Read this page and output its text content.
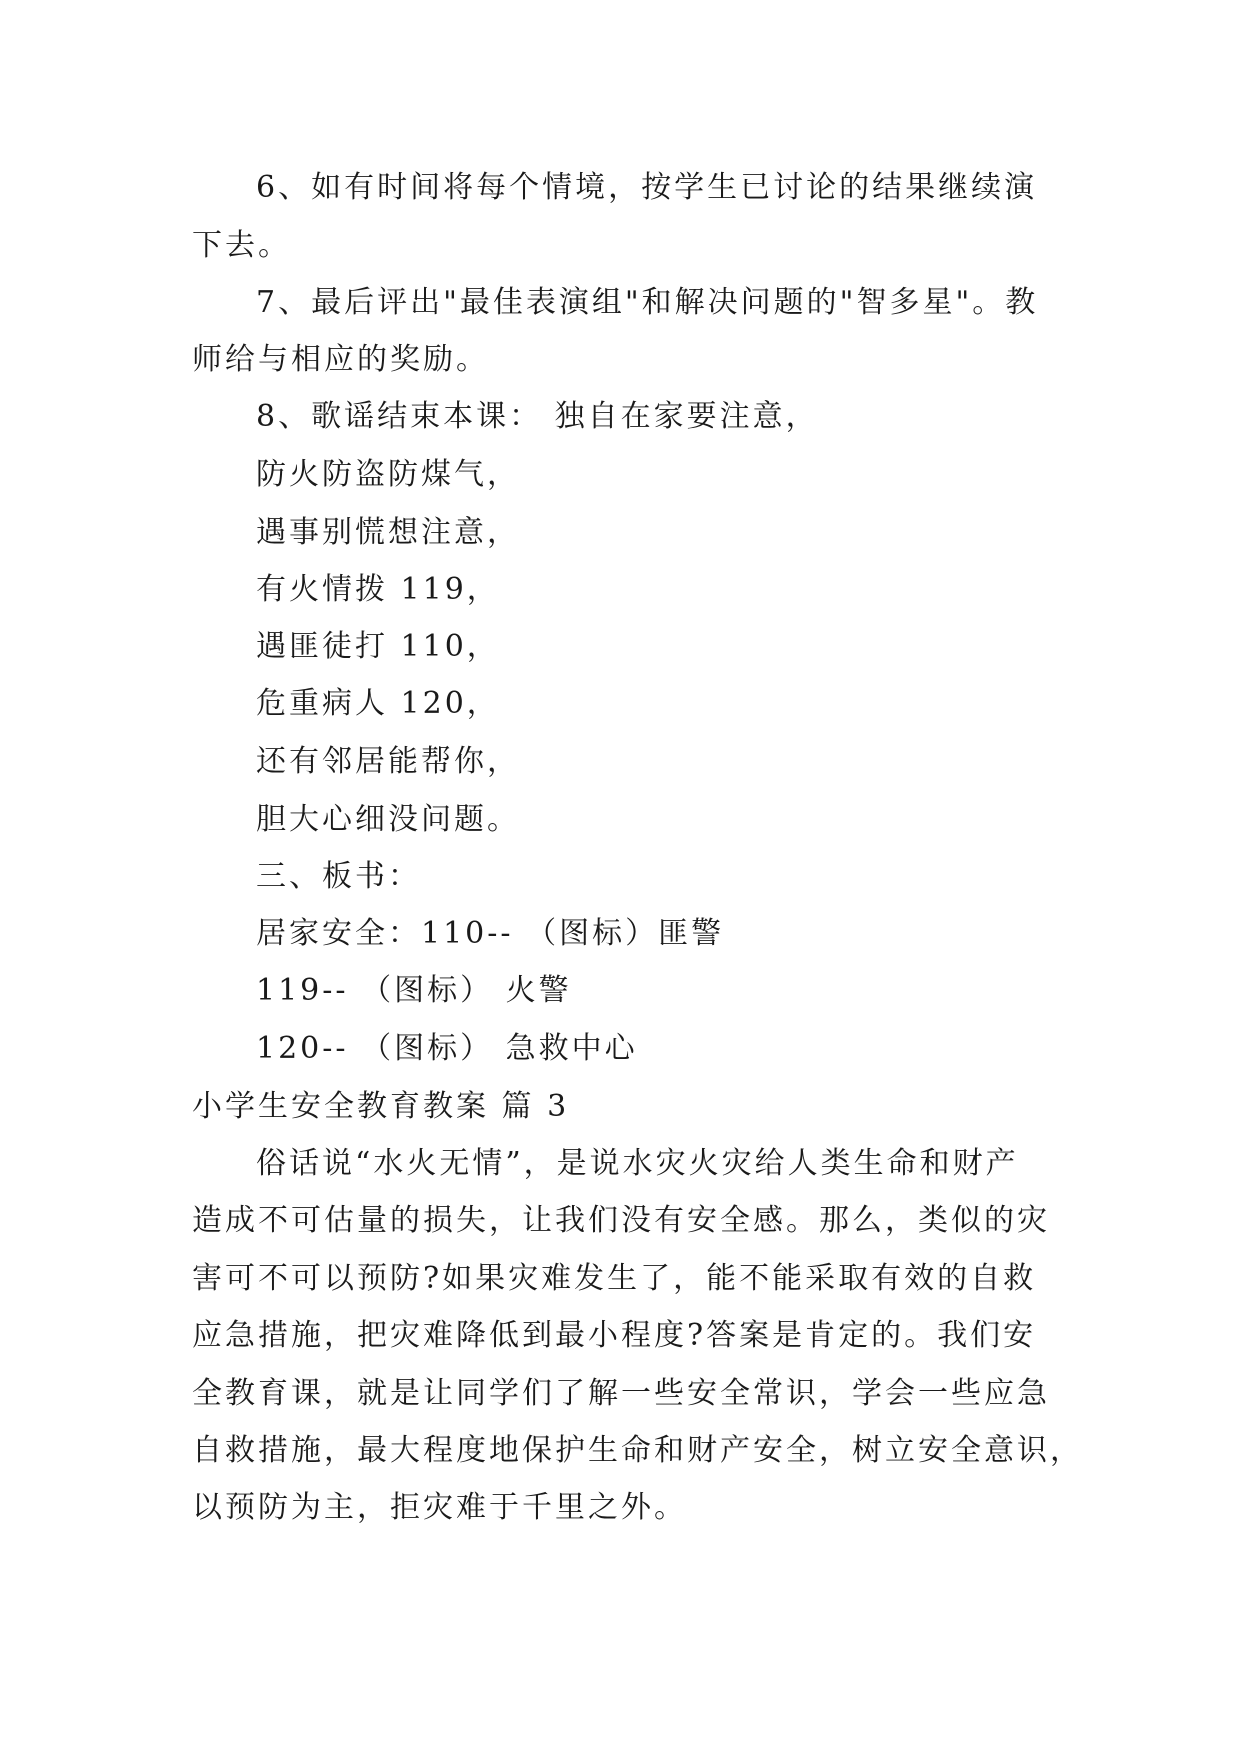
6、如有时间将每个情境，按学生已讨论的结果继续演
下去。
7、最后评出"最佳表演组"和解决问题的"智多星"。教
师给与相应的奖励。
8、歌谣结束本课： 独自在家要注意，
防火防盗防煤气，
遇事别慌想注意，
有火情拨 119，
遇匪徒打 110，
危重病人 120，
还有邻居能帮你，
胆大心细没问题。
三、板书：
居家安全：110-- （图标）匪警
119-- （图标） 火警
120-- （图标） 急救中心
小学生安全教育教案 篇 3
俗话说“水火无情”，是说水灾火灾给人类生命和财产
造成不可估量的损失，让我们没有安全感。那么，类似的灾
害可不可以预防?如果灾难发生了，能不能采取有效的自救
应急措施，把灾难降低到最小程度?答案是肯定的。我们安
全教育课，就是让同学们了解一些安全常识，学会一些应急
自救措施，最大程度地保护生命和财产安全，树立安全意识，
以预防为主，拒灾难于千里之外。
